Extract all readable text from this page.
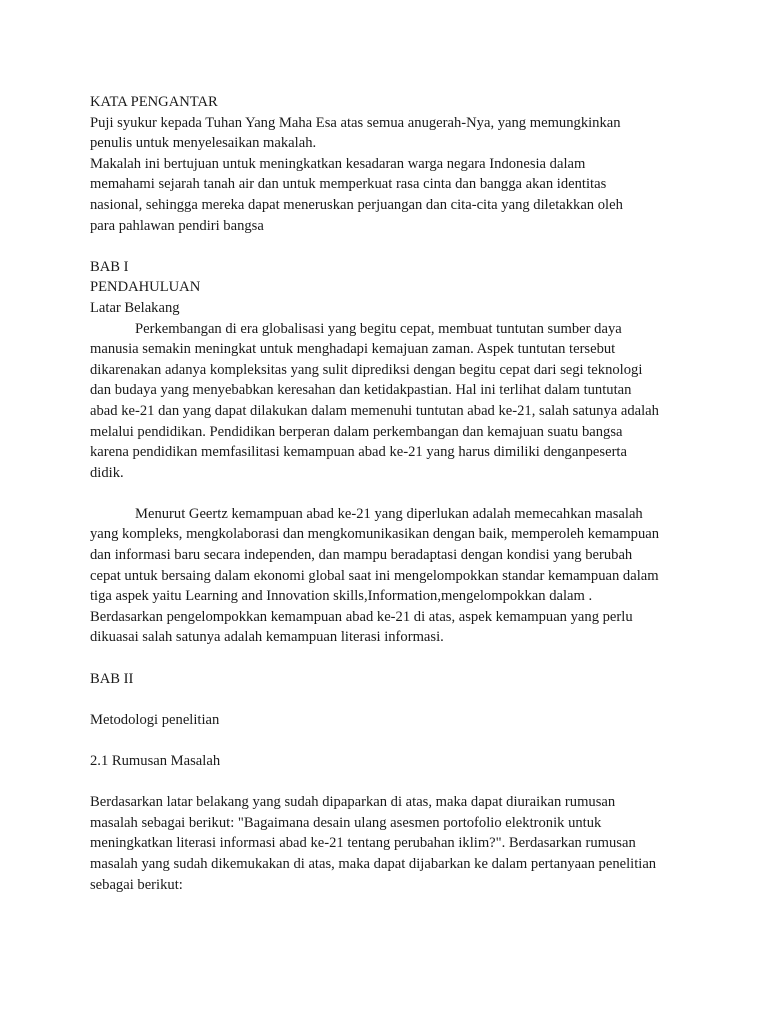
KATA PENGANTAR
Puji syukur kepada Tuhan Yang Maha Esa atas semua anugerah-Nya, yang memungkinkan
penulis untuk menyelesaikan makalah.
Makalah ini bertujuan untuk meningkatkan kesadaran warga negara Indonesia dalam
memahami sejarah tanah air dan untuk memperkuat rasa cinta dan bangga akan identitas
nasional, sehingga mereka dapat meneruskan perjuangan dan cita-cita yang diletakkan oleh
para pahlawan pendiri bangsa
BAB I
PENDAHULUAN
Latar Belakang
Perkembangan di era globalisasi yang begitu cepat, membuat tuntutan sumber daya
manusia semakin meningkat untuk menghadapi kemajuan zaman. Aspek tuntutan tersebut
dikarenakan adanya kompleksitas yang sulit diprediksi dengan begitu cepat dari segi teknologi
dan budaya yang menyebabkan keresahan dan ketidakpastian. Hal ini terlihat dalam tuntutan
abad ke-21 dan yang dapat dilakukan dalam memenuhi tuntutan abad ke-21, salah satunya adalah
melalui pendidikan. Pendidikan berperan dalam perkembangan dan kemajuan suatu bangsa
karena pendidikan memfasilitasi kemampuan abad ke-21 yang harus dimiliki denganpeserta
didik.
Menurut Geertz kemampuan abad ke-21 yang diperlukan adalah memecahkan masalah
yang kompleks, mengkolaborasi dan mengkomunikasikan dengan baik, memperoleh kemampuan
dan informasi baru secara independen, dan mampu beradaptasi dengan kondisi yang berubah
cepat untuk bersaing dalam ekonomi global saat ini mengelompokkan standar kemampuan dalam
tiga aspek yaitu Learning and Innovation skills,Information,mengelompokkan dalam .
Berdasarkan pengelompokkan kemampuan abad ke-21 di atas, aspek kemampuan yang perlu
dikuasai salah satunya adalah kemampuan literasi informasi.
BAB II
Metodologi penelitian
2.1 Rumusan Masalah
Berdasarkan latar belakang yang sudah dipaparkan di atas, maka dapat diuraikan rumusan
masalah sebagai berikut: "Bagaimana desain ulang asesmen portofolio elektronik untuk
meningkatkan literasi informasi abad ke-21 tentang perubahan iklim?". Berdasarkan rumusan
masalah yang sudah dikemukakan di atas, maka dapat dijabarkan ke dalam pertanyaan penelitian
sebagai berikut:
